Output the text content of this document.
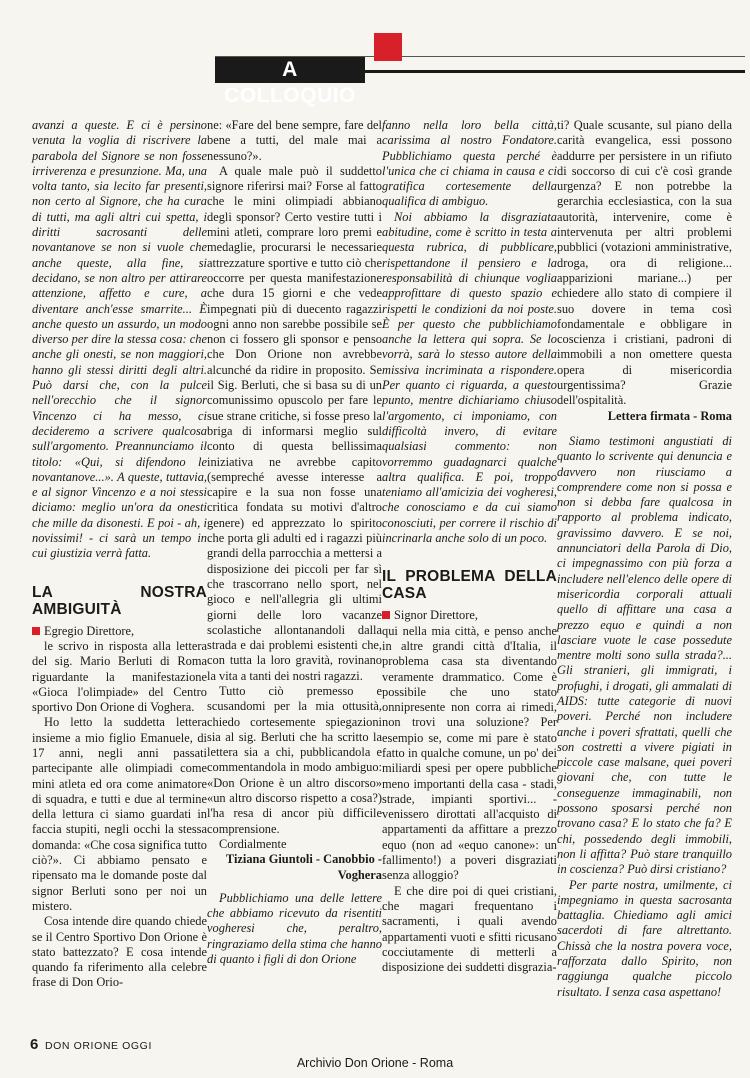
A COLLOQUIO

avanzi a queste. E ci è persino venuta la voglia di riscrivere la parabola del Signore se non fosse irriverenza e presunzione. Ma, una volta tanto, sia lecito far presenti, non certo al Signore, che ha cura di tutti, ma agli altri cui spetta, i diritti sacrosanti delle novantanove se non si vuole che anche queste, alla fine, si decidano, se non altro per attirare attenzione, affetto e cure, a diventare anch'esse smarrite... È anche questo un assurdo, un modo diverso per dire la stessa cosa: che anche gli onesti, se non maggiori, hanno gli stessi diritti degli altri. Può darsi che, con la pulce nell'orecchio che il signor Vincenzo ci ha messo, ci decideremo a scrivere qualcosa sull'argomento. Preannunciamo il titolo: «Qui, si difendono le novantanove...». A queste, tuttavia, e al signor Vincenzo e a noi stessi diciamo: meglio un'ora da onesti che mille da disonesti. E poi - ah, i novissimi! - ci sarà un tempo in cui giustizia verrà fatta.

LA NOSTRA AMBIGUITÀ

Egregio Direttore,

le scrivo in risposta alla lettera del sig. Mario Berluti di Roma riguardante la manifestazione «Gioca l'olimpiade» del Centro sportivo Don Orione di Voghera.

Ho letto la suddetta lettera insieme a mio figlio Emanuele, di 17 anni, negli anni passati partecipante alle olimpiadi come mini atleta ed ora come animatore di squadra, e tutti e due al termine della lettura ci siamo guardati in faccia stupiti, negli occhi la stessa domanda: «Che cosa significa tutto ciò?». Ci abbiamo pensato e ripensato ma le domande poste dal signor Berluti sono per noi un mistero.

Cosa intende dire quando chiede se il Centro Sportivo Don Orione è stato battezzato? E cosa intende quando fa riferimento alla celebre frase di Don Orio-

ne: «Fare del bene sempre, fare del bene a tutti, del male mai a nessuno?».

A quale male può il suddetto signore riferirsi mai? Forse al fatto che le mini olimpiadi abbiano degli sponsor? Certo vestire tutti i mini atleti, comprare loro premi e medaglie, procurarsi le necessarie attrezzature sportive e tutto ciò che occorre per questa manifestazione che dura 15 giorni e che vede impegnati più di duecento ragazzi ogni anno non sarebbe possibile se non ci fossero gli sponsor e penso che Don Orione non avrebbe alcunché da ridire in proposito. Se il Sig. Berluti, che si basa su di un comunissimo opuscolo per fare le sue strane critiche, si fosse preso la briga di informarsi meglio sul conto di questa bellissima iniziativa ne avrebbe capito (sempreché avesse interesse a capire e la sua non fosse una critica fondata su motivi d'altro genere) ed apprezzato lo spirito che porta gli adulti ed i ragazzi più grandi della parrocchia a mettersi a disposizione dei piccoli per far sì che trascorrano nello sport, nel gioco e nell'allegria gli ultimi giorni delle loro vacanze scolastiche allontanandoli dalla strada e dai problemi esistenti che, con tutta la loro gravità, rovinano la vita a tanti dei nostri ragazzi.

Tutto ciò premesso e scusandomi per la mia ottusità, chiedo cortesemente spiegazioni sia al sig. Berluti che ha scritto la lettera sia a chi, pubblicandola e commentandola in modo ambiguo: «Don Orione è un altro discorso» «un altro discorso rispetto a cosa?) l'ha resa di ancor più difficile comprensione.

Cordialmente

Tiziana Giuntoli - Canobbio - Voghera

Pubblichiamo una delle lettere che abbiamo ricevuto da risentiti vogheresi che, peraltro, ringraziamo della stima che hanno di quanto i figli di don Orione

fanno nella loro bella città, carissima al nostro Fondatore. Pubblichiamo questa perché è l'unica che ci chiama in causa e ci gratifica cortesemente della qualifica di ambiguo.

Noi abbiamo la disgraziata abitudine, come è scritto in testa a questa rubrica, di pubblicare, rispettandone il pensiero e la responsabilità di chiunque voglia approfittare di questo spazio e rispetti le condizioni da noi poste. È per questo che pubblichiamo anche la lettera qui sopra. Se lo vorrà, sarà lo stesso autore della missiva incriminata a rispondere. Per quanto ci riguarda, a questo punto, mentre dichiariamo chiuso l'argomento, ci imponiamo, con difficoltà invero, di evitare qualsiasi commento: non vorremmo guadagnarci qualche altra qualifica. E poi, troppo teniamo all'amicizia dei vogheresi, che conosciamo e da cui siamo conosciuti, per correre il rischio di incrinarla anche solo di un poco.

IL PROBLEMA DELLA CASA

Signor Direttore,

qui nella mia città, e penso anche in altre grandi città d'Italia, il problema casa sta diventando veramente drammatico. Come è possibile che uno stato onnipresente non corra ai rimedi, non trovi una soluzione? Per esempio se, come mi pare è stato fatto in qualche comune, un po' dei miliardi spesi per opere pubbliche meno importanti della casa - stadi, strade, impianti sportivi... - venissero dirottati all'acquisto di appartamenti da affittare a prezzo equo (non ad «equo canone»: un fallimento!) a poveri disgraziati senza alloggio?

E che dire poi di quei cristiani, che magari frequentano i sacramenti, i quali avendo appartamenti vuoti e sfitti ricusano cocciutamente di metterli a disposizione dei suddetti disgrazia-

ti? Quale scusante, sul piano della carità evangelica, essi possono addurre per persistere in un rifiuto di soccorso di cui c'è così grande urgenza? E non potrebbe la gerarchia ecclesiastica, con la sua autorità, intervenire, come è intervenuta per altri problemi pubblici (votazioni amministrative, droga, ora di religione... apparizioni mariane...) per chiedere allo stato di compiere il suo dovere in tema così fondamentale e obbligare in coscienza i cristiani, padroni di immobili a non omettere questa opera di misericordia urgentissima? Grazie dell'ospitalità.

Lettera firmata - Roma

Siamo testimoni angustiati di quanto lo scrivente qui denuncia e davvero non riusciamo a comprendere come non si possa e non si debba fare qualcosa in rapporto al problema indicato, gravissimo davvero. E se noi, annunciatori della Parola di Dio, ci impegnassimo con più forza a includere nell'elenco delle opere di misericordia corporali attuali quello di affittare una casa a prezzo equo e quindi a non lasciare vuote le case possedute mentre molti sono sulla strada?... Gli stranieri, gli immigrati, i profughi, i drogati, gli ammalati di AIDS: tutte categorie di nuovi poveri. Perché non includere anche i poveri sfrattati, quelli che son costretti a vivere pigiati in piccole case malsane, quei poveri giovani che, con tutte le conseguenze immaginabili, non possono sposarsi perché non trovano casa? E lo stato che fa? E chi, possedendo degli immobili, non li affitta? Può stare tranquillo in coscienza? Può dirsi cristiano?

Per parte nostra, umilmente, ci impegniamo in questa sacrosanta battaglia. Chiediamo agli amici sacerdoti di fare altrettanto. Chissà che la nostra povera voce, rafforzata dallo Spirito, non raggiunga qualche piccolo risultato. I senza casa aspettano!

6 DON ORIONE OGGI
Archivio Don Orione - Roma
